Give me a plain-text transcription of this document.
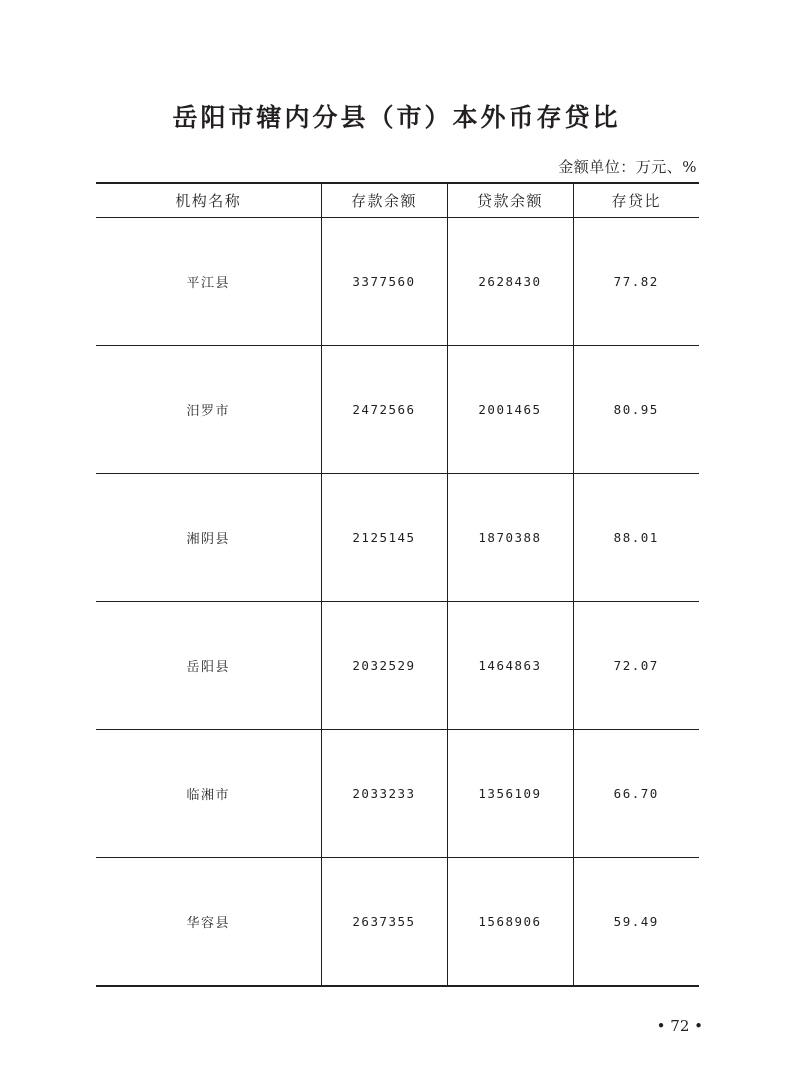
岳阳市辖内分县（市）本外币存贷比
金额单位：万元、%
机构名称	存款余额	贷款余额	存贷比
平江县	3377560	2628430	77.82
汨罗市	2472566	2001465	80.95
湘阴县	2125145	1870388	88.01
岳阳县	2032529	1464863	72.07
临湘市	2033233	1356109	66.70
华容县	2637355	1568906	59.49
• 72 •
